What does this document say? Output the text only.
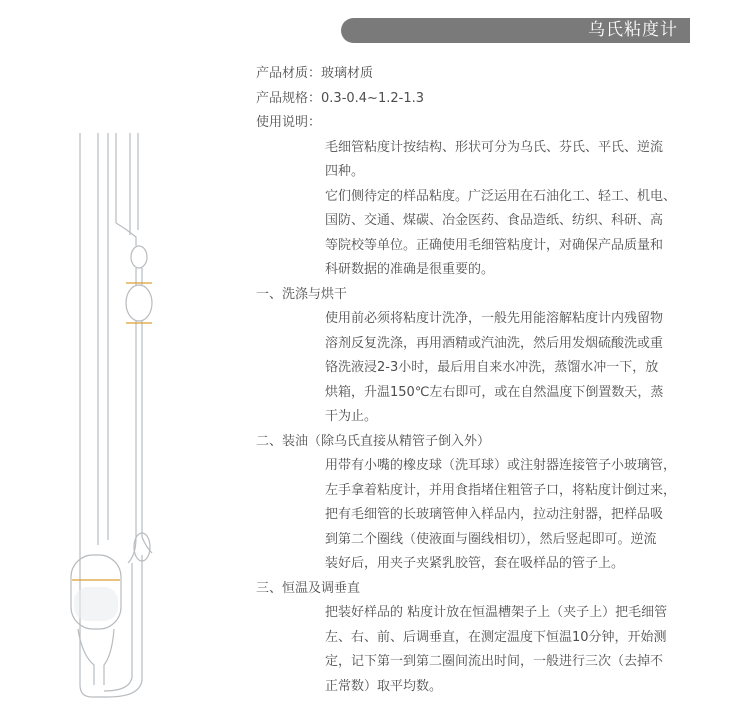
乌氏粘度计
产品材质：玻璃材质
产品规格：0.3-0.4~1.2-1.3
使用说明：

毛细管粘度计按结构、形状可分为乌氏、芬氏、平氏、逆流

四种。

它们侧待定的样品粘度。广泛运用在石油化工、轻工、机电、

国防、交通、煤碳、冶金医药、食品造纸、纺织、科研、高

等院校等单位。正确使用毛细管粘度计，对确保产品质量和

科研数据的准确是很重要的。

一、洗涤与烘干

使用前必须将粘度计洗净，一般先用能溶解粘度计内残留物

溶剂反复洗涤，再用酒精或汽油洗，然后用发烟硫酸洗或重

铬洗液浸2-3小时，最后用自来水冲洗，蒸馏水冲一下，放

烘箱，升温150℃左右即可，或在自然温度下倒置数天，蒸

干为止。

二、装油（除乌氏直接从精管子倒入外）

用带有小嘴的橡皮球（洗耳球）或注射器连接管子小玻璃管，

左手拿着粘度计，并用食指堵住粗管子口，将粘度计倒过来，

把有毛细管的长玻璃管伸入样品内，拉动注射器，把样品吸

到第二个圈线（使液面与圈线相切），然后竖起即可。逆流

装好后，用夹子夹紧乳胶管，套在吸样品的管子上。

三、恒温及调垂直

把装好样品的 粘度计放在恒温槽架子上（夹子上）把毛细管

左、右、前、后调垂直，在测定温度下恒温10分钟，开始测

定，记下第一到第二圈间流出时间，一般进行三次（去掉不

正常数）取平均数。
